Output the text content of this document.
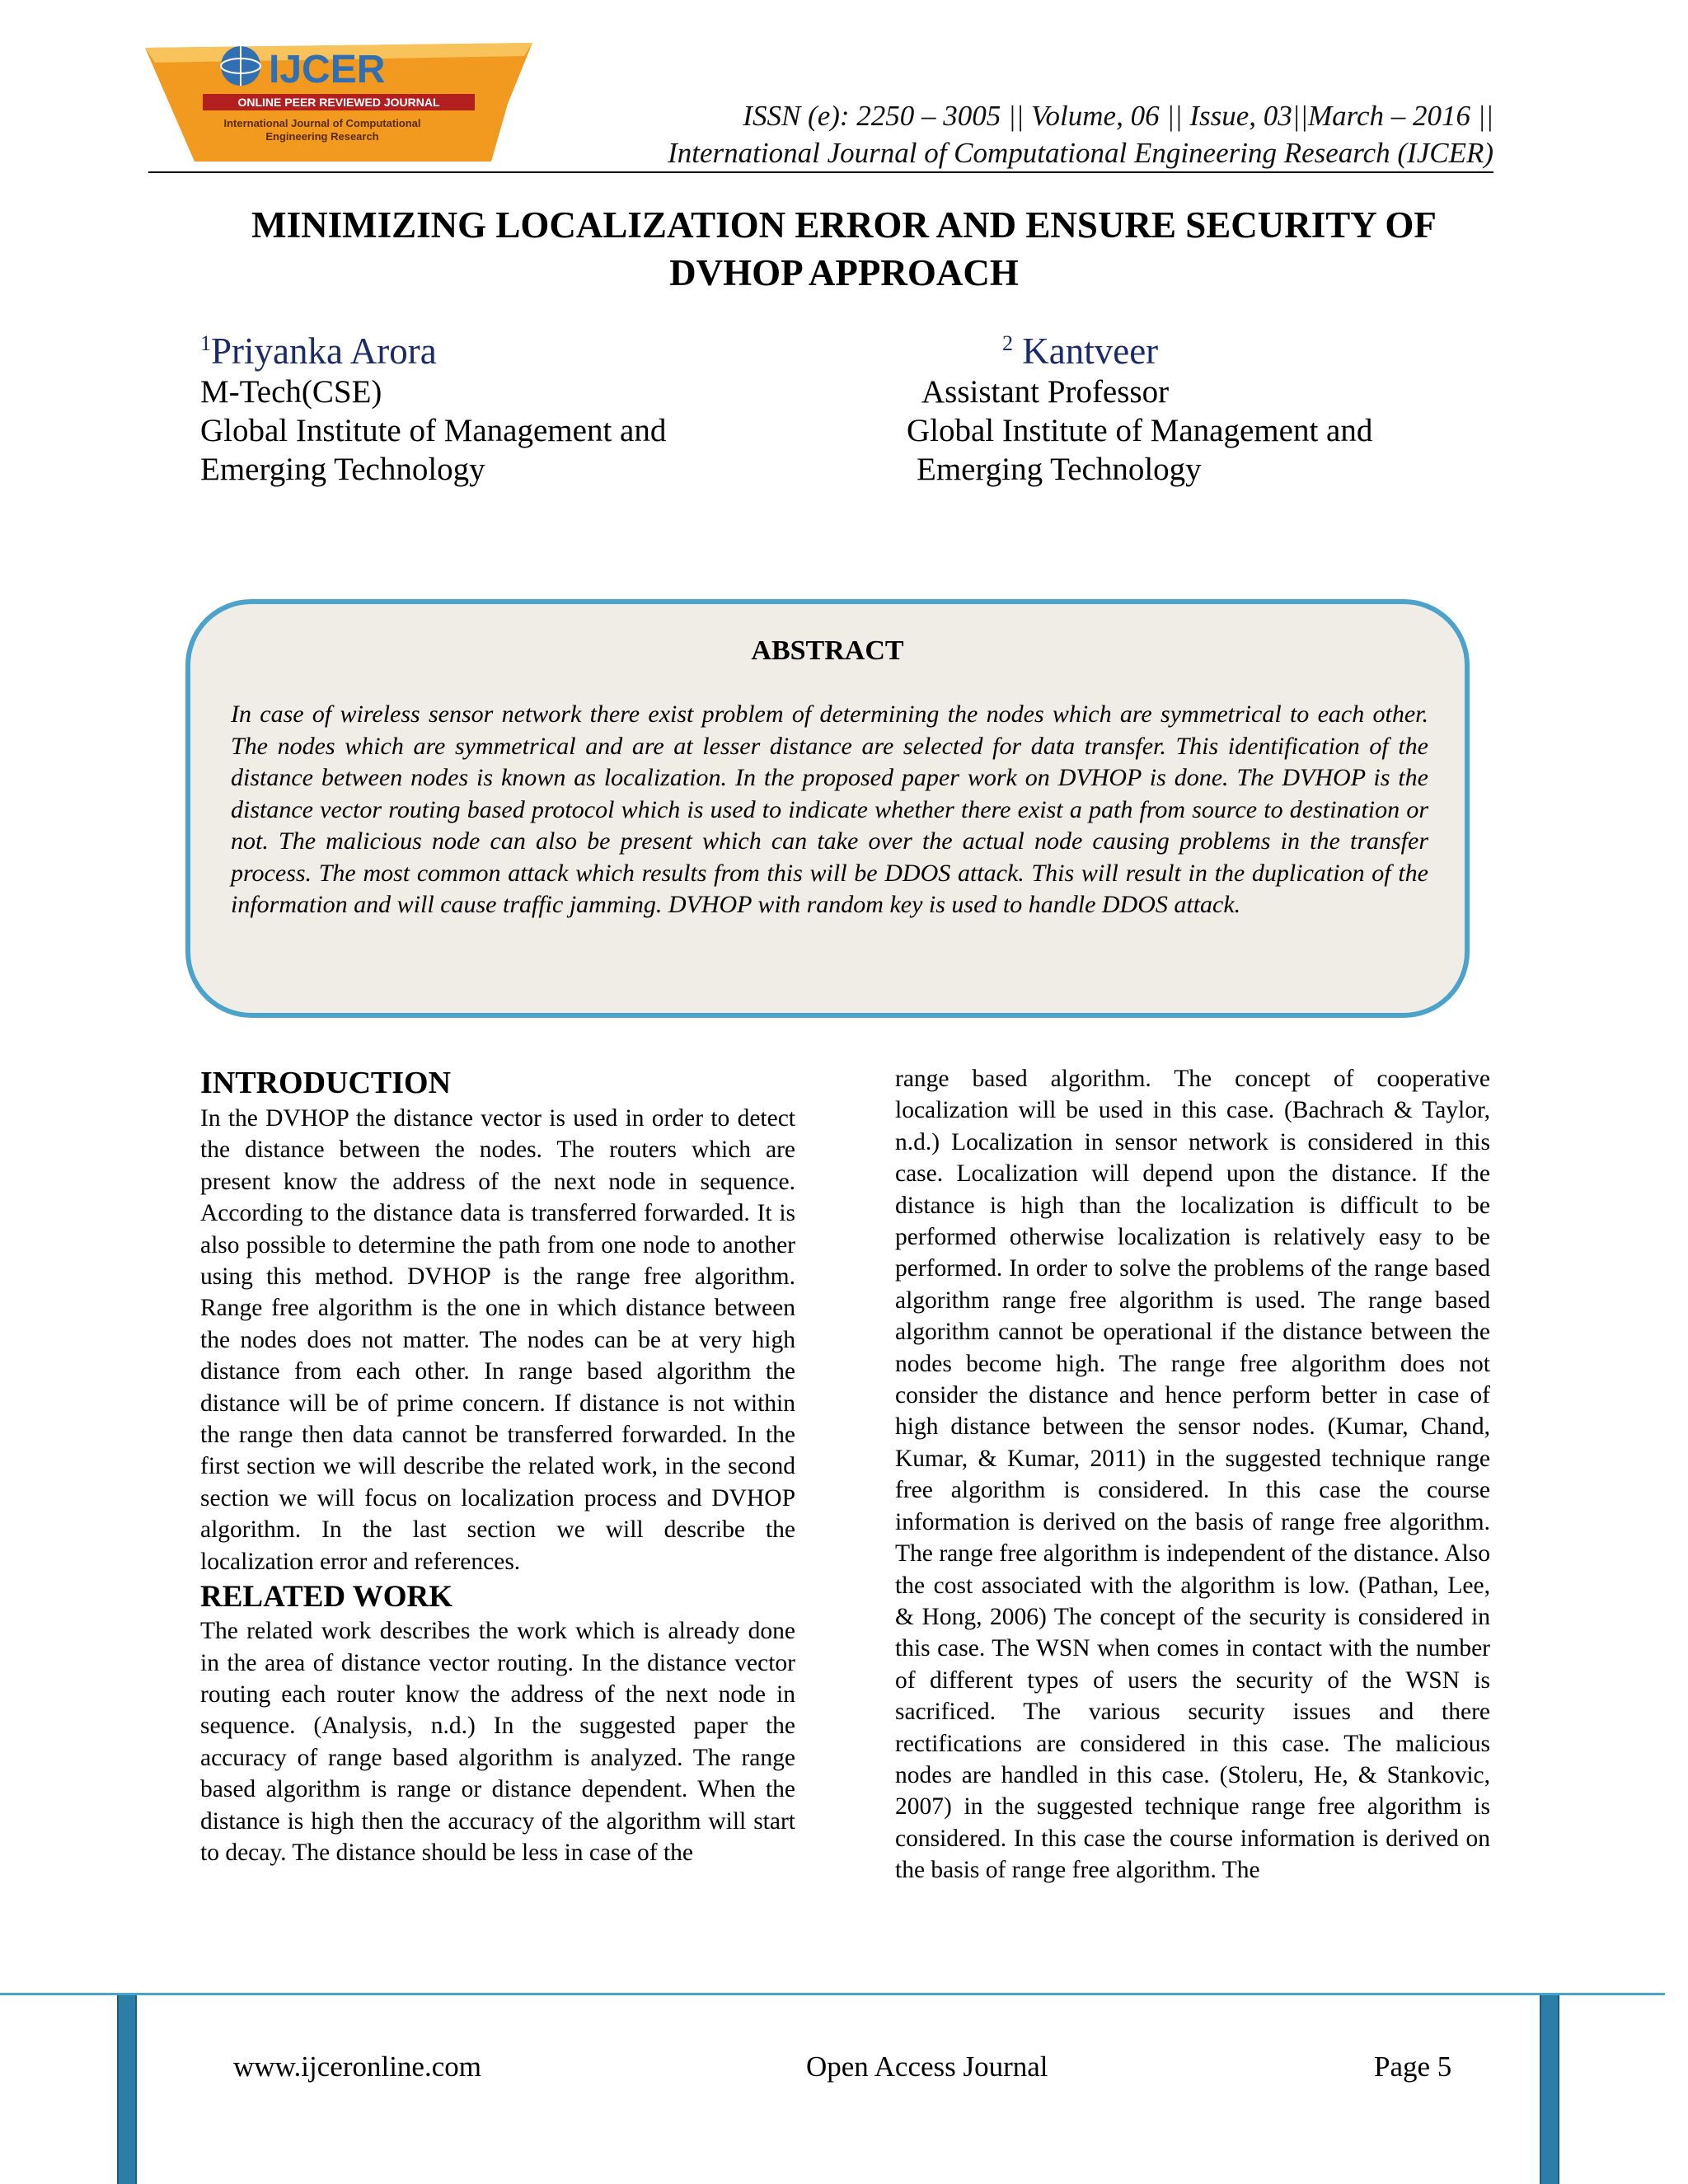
IJCER
ONLINE PEER REVIEWED JOURNAL
International Journal of Computational
Engineering Research
ISSN (e): 2250 – 3005 || Volume, 06 || Issue, 03||March – 2016 ||
International Journal of Computational Engineering Research (IJCER)
MINIMIZING LOCALIZATION ERROR AND ENSURE SECURITY OF
DVHOP APPROACH
$^1$Priyanka Arora
M-Tech(CSE)
Global Institute of Management and
Emerging Technology
$^2$ Kantveer
Assistant Professor
Global Institute of Management and
Emerging Technology
ABSTRACT
In case of wireless sensor network there exist problem of determining the nodes which are symmetrical to each other. The nodes which are symmetrical and are at lesser distance are selected for data transfer. This identification of the distance between nodes is known as localization. In the proposed paper work on DVHOP is done. The DVHOP is the distance vector routing based protocol which is used to indicate whether there exist a path from source to destination or not. The malicious node can also be present which can take over the actual node causing problems in the transfer process. The most common attack which results from this will be DDOS attack. This will result in the duplication of the information and will cause traffic jamming. DVHOP with random key is used to handle DDOS attack.
INTRODUCTION

In the DVHOP the distance vector is used in order to detect the distance between the nodes. The routers which are present know the address of the next node in sequence. According to the distance data is transferred forwarded. It is also possible to determine the path from one node to another using this method. DVHOP is the range free algorithm. Range free algorithm is the one in which distance between the nodes does not matter. The nodes can be at very high distance from each other. In range based algorithm the distance will be of prime concern. If distance is not within the range then data cannot be transferred forwarded. In the first section we will describe the related work, in the second section we will focus on localization process and DVHOP algorithm. In the last section we will describe the localization error and references.

RELATED WORK

The related work describes the work which is already done in the area of distance vector routing. In the distance vector routing each router know the address of the next node in sequence. (Analysis, n.d.) In the suggested paper the accuracy of range based algorithm is analyzed. The range based algorithm is range or distance dependent. When the distance is high then the accuracy of the algorithm will start to decay. The distance should be less in case of the

range based algorithm. The concept of cooperative localization will be used in this case. (Bachrach & Taylor, n.d.) Localization in sensor network is considered in this case. Localization will depend upon the distance. If the distance is high than the localization is difficult to be performed otherwise localization is relatively easy to be performed. In order to solve the problems of the range based algorithm range free algorithm is used. The range based algorithm cannot be operational if the distance between the nodes become high. The range free algorithm does not consider the distance and hence perform better in case of high distance between the sensor nodes. (Kumar, Chand, Kumar, & Kumar, 2011) in the suggested technique range free algorithm is considered. In this case the course information is derived on the basis of range free algorithm. The range free algorithm is independent of the distance. Also the cost associated with the algorithm is low. (Pathan, Lee, & Hong, 2006) The concept of the security is considered in this case. The WSN when comes in contact with the number of different types of users the security of the WSN is sacrificed. The various security issues and there rectifications are considered in this case. The malicious nodes are handled in this case. (Stoleru, He, & Stankovic, 2007) in the suggested technique range free algorithm is considered. In this case the course information is derived on the basis of range free algorithm. The

www.ijceronline.com	Open Access Journal	Page 5
